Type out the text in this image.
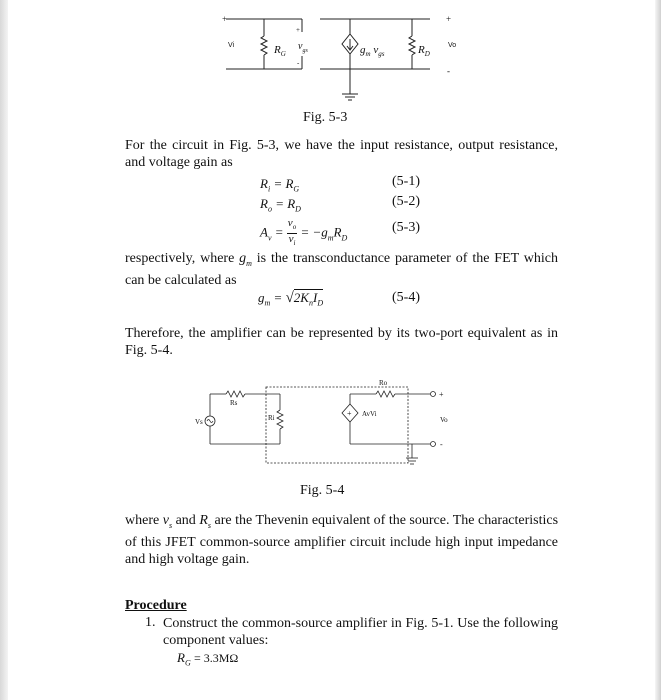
+
Vi	$R_G$
+
$v_{gs}$
-
$g_m$ $v_{gs}$	$R_D$
Vo
+
-
Fig. 5-3
For the circuit in Fig. 5-3, we have the input resistance, output resistance, and voltage gain as
$R_i = R_G$
(5-1)
$R_o = R_D$
(5-2)
$A_v = \frac{v_o}{v_i} = -g_mR_D$
(5-3)
respectively, where $g_m$ is the transconductance parameter of the FET which can be calculated as
$g_m = √2K_nI_D$	(5-4)
Therefore, the amplifier can be represented by its two-port equivalent as in Fig. 5-4.
Rs
Vs	Ri	+ AvVi
Ro
+
Vo
-
Fig. 5-4
where $v_s$ and $R_s$ are the Thevenin equivalent of the source. The characteristics of this JFET common-source amplifier circuit include high input impedance and high voltage gain.
Procedure
1. Construct the common-source amplifier in Fig. 5-1. Use the following component values:
$R_G = 3.3M\Omega$
